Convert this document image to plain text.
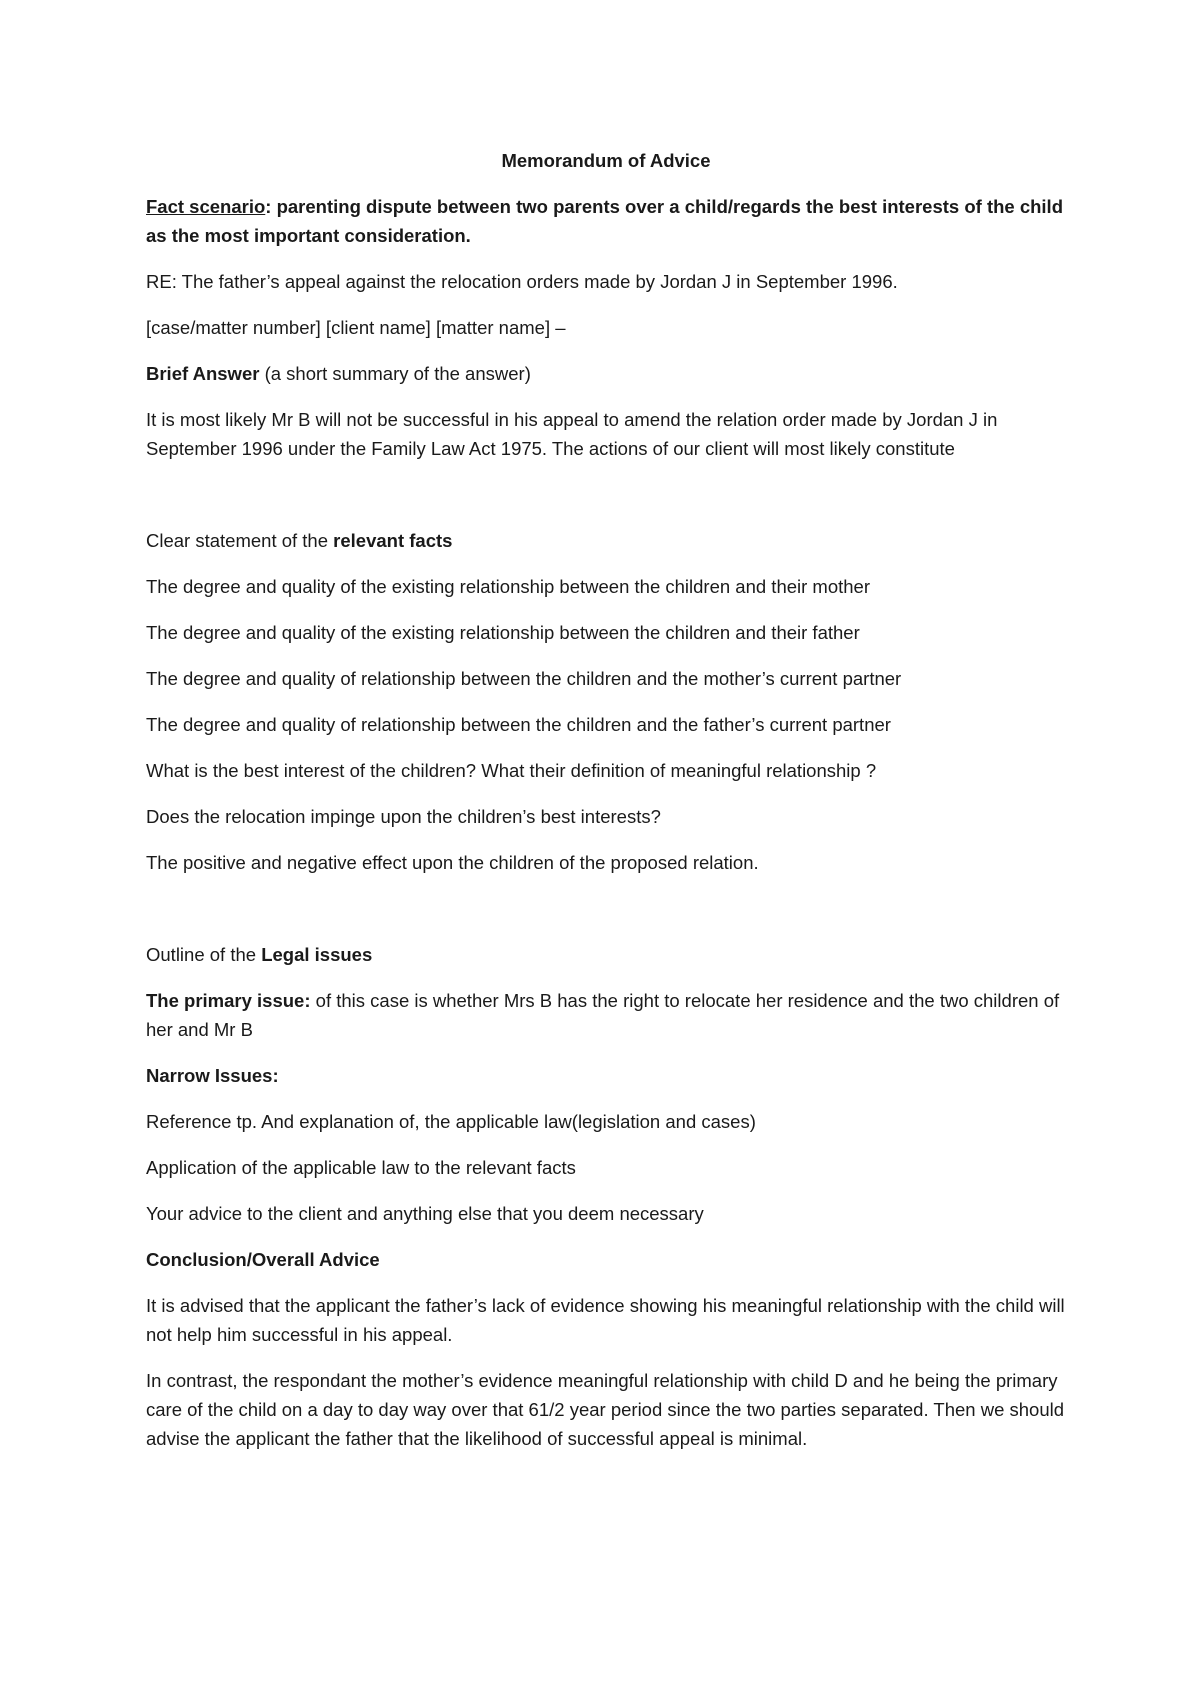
Memorandum of Advice
Fact scenario: parenting dispute between two parents over a child/regards the best interests of the child as the most important consideration.
RE: The father’s appeal against the relocation orders made by Jordan J in September 1996.
[case/matter number] [client name] [matter name] –
Brief Answer (a short summary of the answer)
It is most likely Mr B will not be successful in his appeal to amend the relation order made by Jordan J in September 1996 under the Family Law Act 1975. The actions of our client will most likely constitute
Clear statement of the relevant facts
The degree and quality of the existing relationship between the children and their mother
The degree and quality of the existing relationship between the children and their father
The degree and quality of relationship between the children and the mother’s current partner
The degree and quality of relationship between the children and the father’s current partner
What is the best interest of the children? What their definition of meaningful relationship ?
Does the relocation impinge upon the children’s best interests?
The positive and negative effect upon the children of the proposed relation.
Outline of the Legal issues
The primary issue: of this case is whether Mrs B has the right to relocate her residence and the two children of her and Mr B
Narrow Issues:
Reference tp. And explanation of, the applicable law(legislation and cases)
Application of the applicable law to the relevant facts
Your advice to the client and anything else that you deem necessary
Conclusion/Overall Advice
It is advised that the applicant the father’s lack of evidence showing his meaningful relationship with the child will not help him successful in his appeal.
In contrast, the respondant the mother’s evidence meaningful relationship with child D and he being the primary care of the child on a day to day way over that 61/2 year period since the two parties separated. Then we should advise the applicant the father that the likelihood of successful appeal is minimal.
